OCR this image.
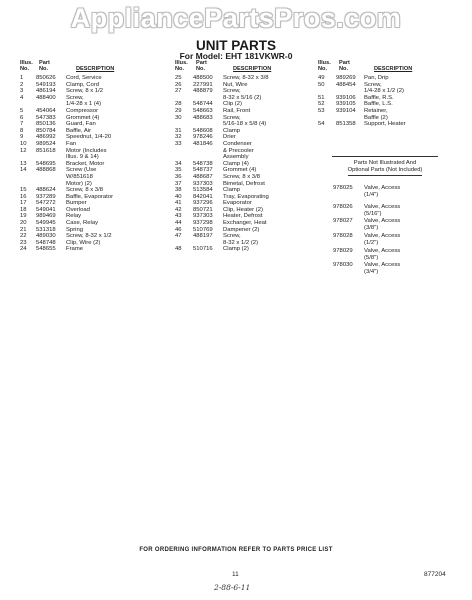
AppliancePartsPros.com
UNIT PARTS
For Model: EHT 181VKWR-0
Illus.
No.
Part
No.	DESCRIPTION
1 850626 Cord, Service
2 549193 Clamp, Cord
3 486194 Screw, 8 x 1/2
4 488400 Screw,
1/4-28 x 1 (4)
5 454064 Compressor
6 547383 Grommet (4)
7 850136 Guard, Fan
8 850784 Baffle, Air
9 486992 Speednut, 1/4-20
10 989524 Fan
12 851618 Motor (Includes
Illus. 9 & 14)
13 548695 Bracket, Motor
14 488868 Screw (Use
W/851618
Motor) (2)
15 488624 Screw, 8 x 3/8
16 937289 Baffle, Evaporator
17 547272 Bumper
18 549041 Overload
19 989469 Relay
20 549945 Case, Relay
21 531318 Spring
22 489030 Screw, 8-32 x 1/2
23 548748 Clip, Wire (2)
24 548655 Frame
Illus.
No.
Part
No.	DESCRIPTION
25 488500 Screw, 8-32 x 3/8
26 227991 Nut, Wire
27 488879 Screw,
8-32 x 5/16 (2)
28 548744 Clip (2)
29 548663 Rail, Front
30 488683 Screw,
5/16-18 x 5/8 (4)
31 548608 Clamp
32 978246 Drier
33 481846 Condenser
& Precooler
Assembly
34 548738 Clamp (4)
35 548737 Grommet (4)
36 488687 Screw, 8 x 3/8
37 937303 Bimetal, Defrost
38 513584 Clamp
40 842041 Tray, Evaporating
41 937296 Evaporator
42 850721 Clip, Heater (2)
43 937303 Heater, Defrost
44 937298 Exchanger, Heat
46 510769 Dampener (2)
47 488197 Screw,
8-32 x 1/2 (2)
48 510716 Clamp (2)
Illus.
No.
Part
No.	DESCRIPTION
49 989269 Pan, Drip
50 488454 Screw,
1/4-28 x 1/2 (2)
51 939106 Baffle, R.S.
52 939105 Baffle, L.S.
53 939104 Retainer,
Baffle (2)
54 851358 Support, Heater
Parts Not Illustrated And
Optional Parts (Not Included)
978025 Valve, Access
(1/4")
978026 Valve, Access
(5/16")
978027 Valve, Access
(3/8")
978028 Valve, Access
(1/2")
978029 Valve, Access
(5/8")
978030 Valve, Access
(3/4")
FOR ORDERING INFORMATION REFER TO PARTS PRICE LIST
11	877204
2-88-6-11
